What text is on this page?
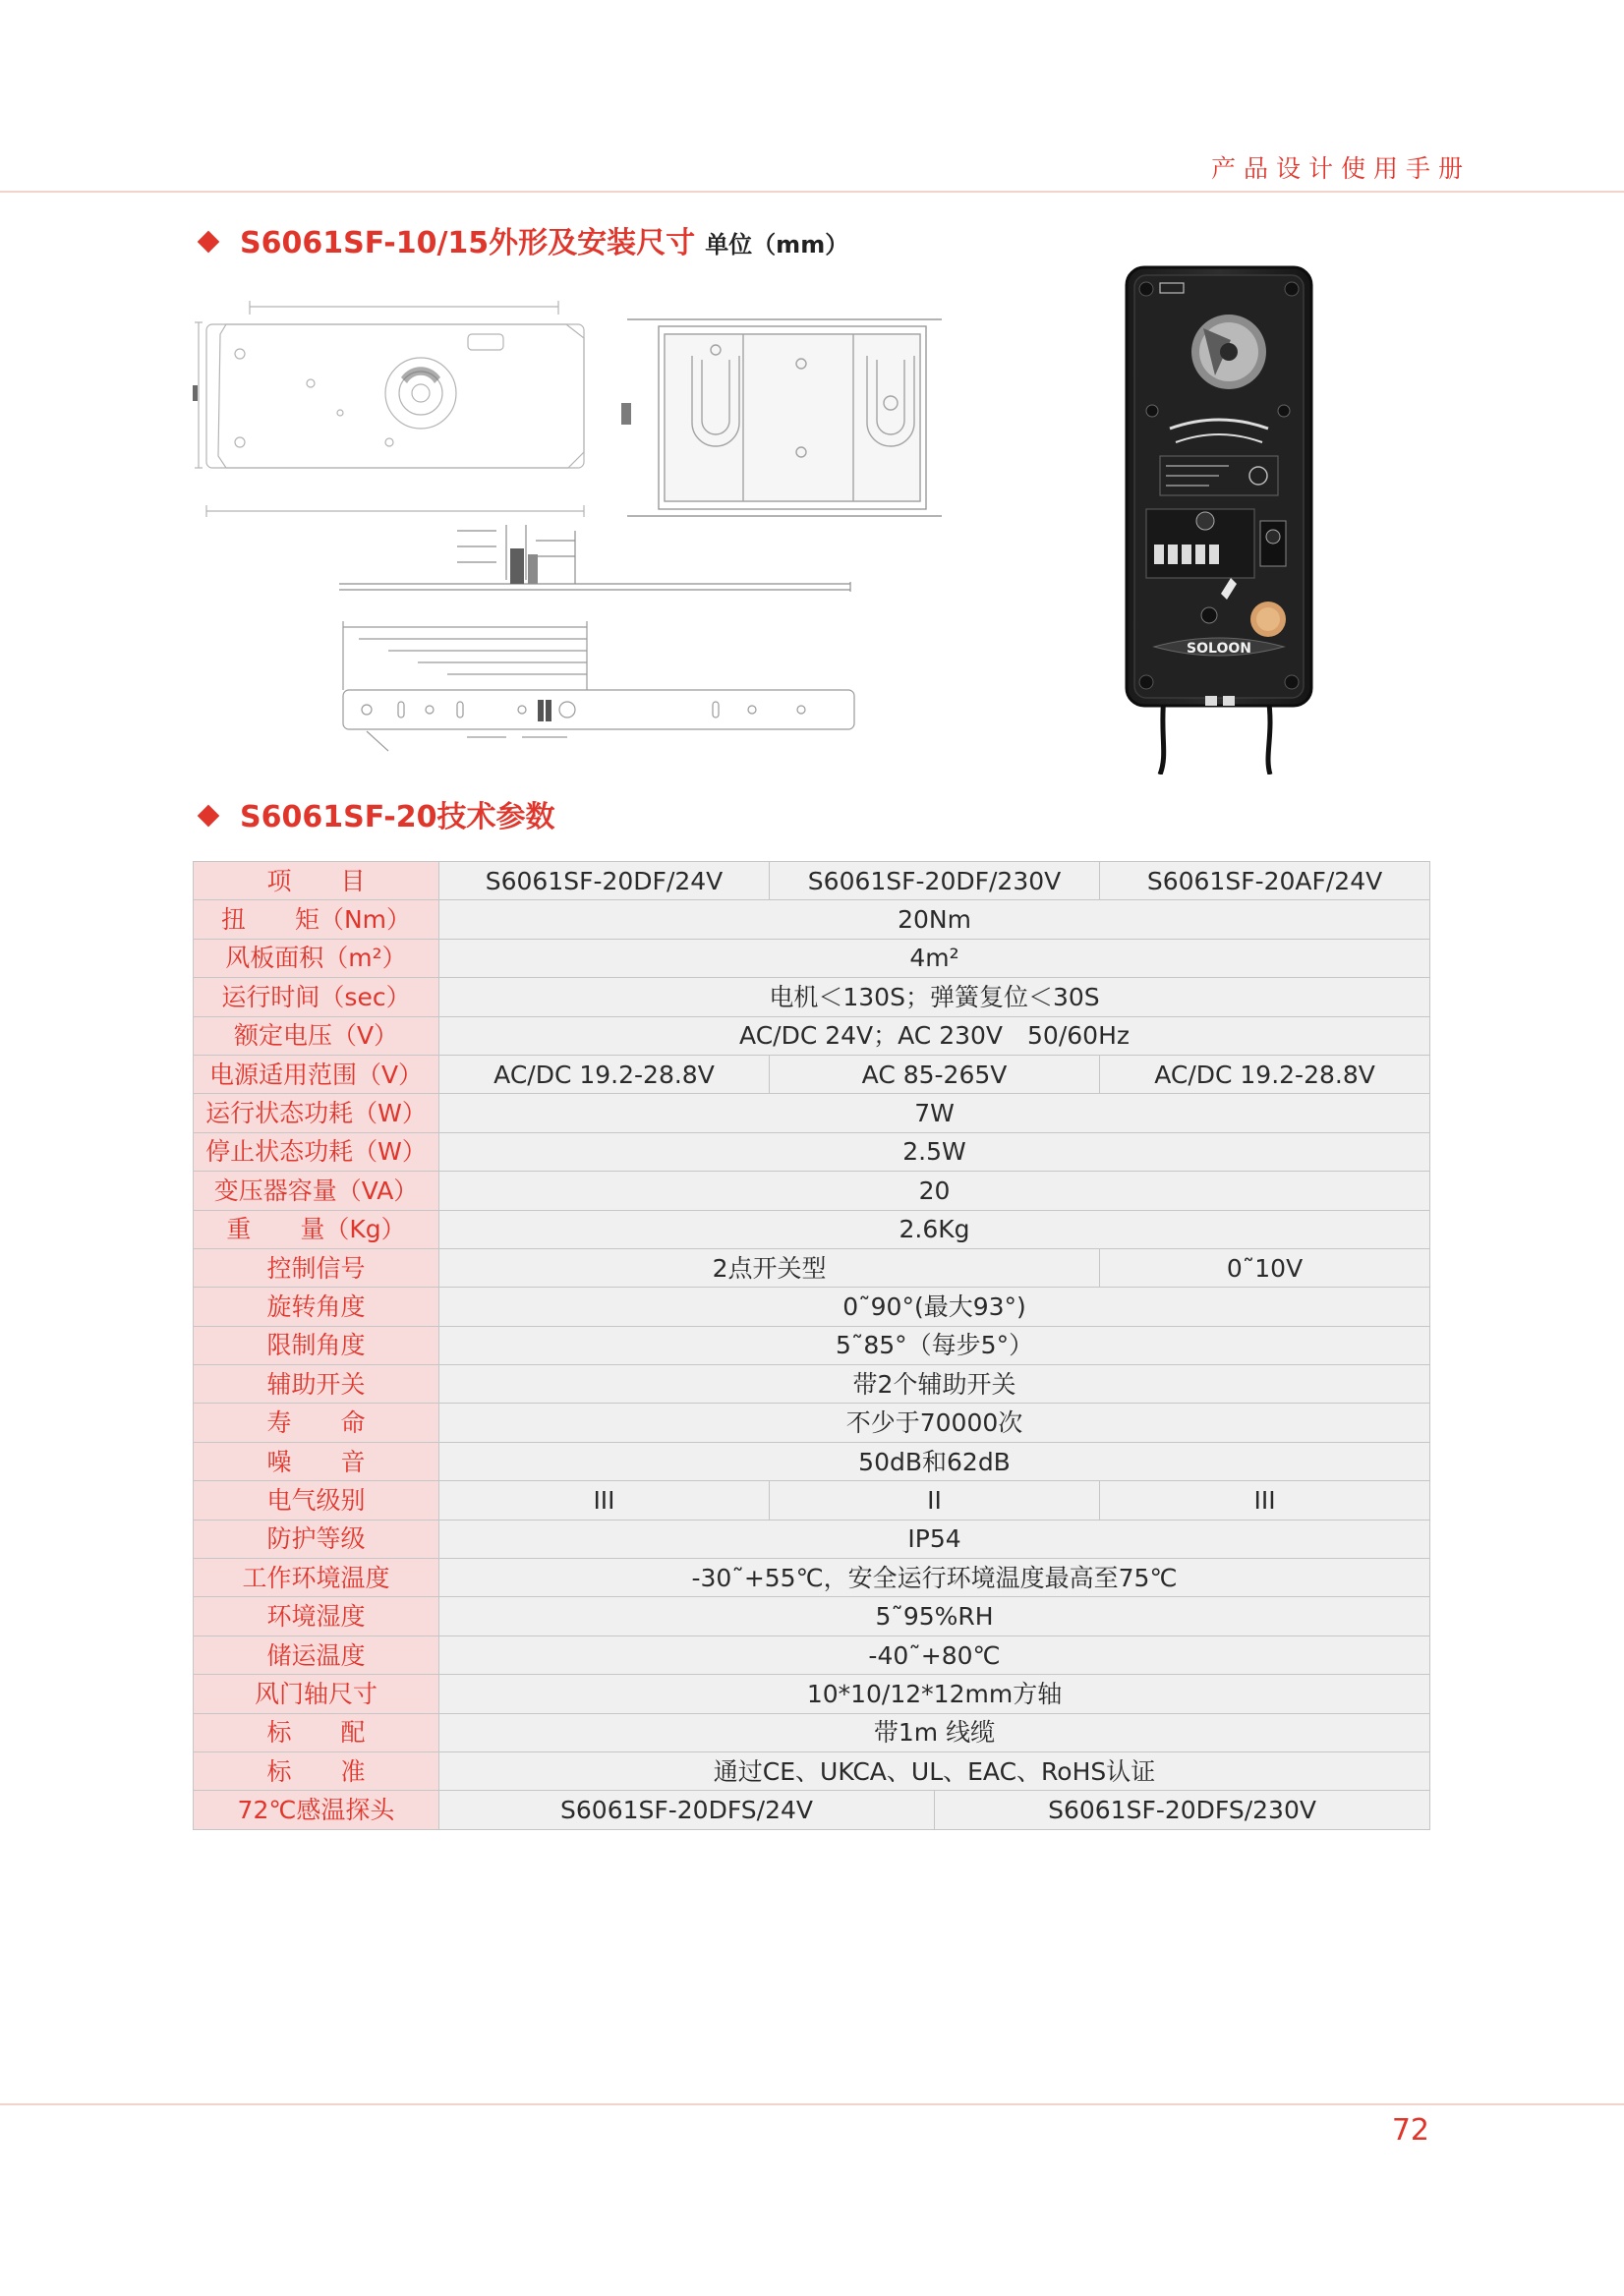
产品设计使用手册
S6061SF-10/15外形及安装尺寸 单位（mm）
SOLOON
S6061SF-20技术参数
项　　目	S6061SF-20DF/24V	S6061SF-20DF/230V		S6061SF-20AF/24V
扭　　矩（Nm）	20Nm			
风板面积（m²）	4m²			
运行时间（sec）	电机＜130S；弹簧复位＜30S			
额定电压（V）	AC/DC 24V；AC 230V　50/60Hz			
电源适用范围（V）	AC/DC 19.2-28.8V	AC 85-265V		AC/DC 19.2-28.8V
运行状态功耗（W）	7W			
停止状态功耗（W）	2.5W			
变压器容量（VA）	20			
重　　量（Kg）	2.6Kg			
控制信号	2点开关型			0˜10V
旋转角度	0˜90°(最大93°)			
限制角度	5˜85°（每步5°）			
辅助开关	带2个辅助开关			
寿　　命	不少于70000次			
噪　　音	50dB和62dB			
电气级别	III	II		III
防护等级	IP54			
工作环境温度	-30˜+55℃，安全运行环境温度最高至75℃			
环境湿度	5˜95%RH			
储运温度	-40˜+80℃			
风门轴尺寸	10*10/12*12mm方轴			
标　　配	带1m 线缆			
标　　准	通过CE、UKCA、UL、EAC、RoHS认证			
72℃感温探头	S6061SF-20DFS/24V		S6061SF-20DFS/230V	
72
